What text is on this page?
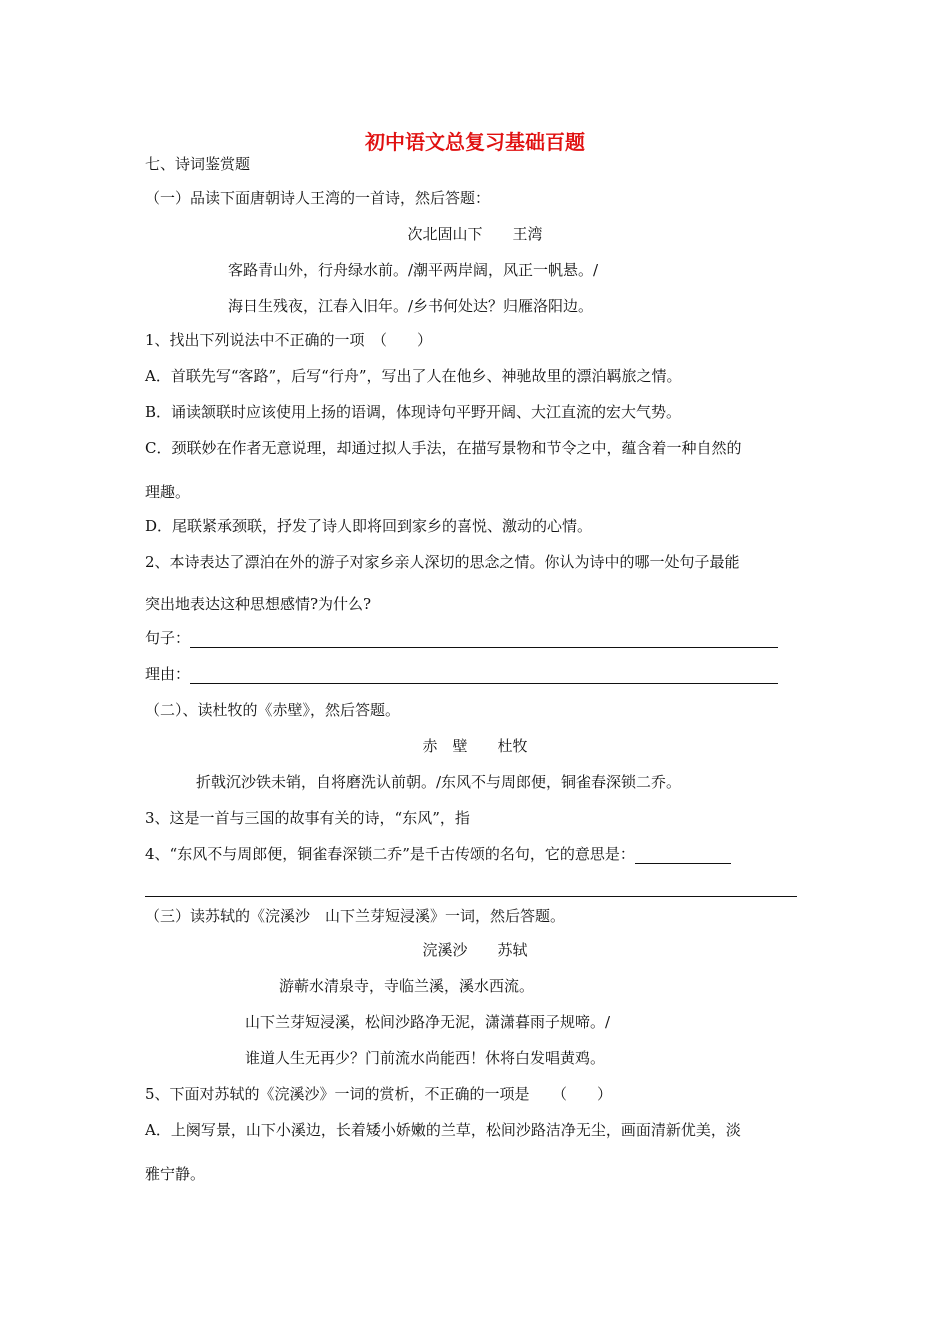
初中语文总复习基础百题
七、诗词鉴赏题
（一）品读下面唐朝诗人王湾的一首诗，然后答题：
次北固山下　　王湾
客路青山外，行舟绿水前。/潮平两岸阔，风正一帆悬。/
海日生残夜，江春入旧年。/乡书何处达？归雁洛阳边。
1、找出下列说法中不正确的一项　（　　）
A．首联先写“客路”，后写“行舟”，写出了人在他乡、神驰故里的漂泊羁旅之情。
B．诵读颔联时应该使用上扬的语调，体现诗句平野开阔、大江直流的宏大气势。
C．颈联妙在作者无意说理，却通过拟人手法，在描写景物和节令之中，蕴含着一种自然的
理趣。
D．尾联紧承颈联，抒发了诗人即将回到家乡的喜悦、激动的心情。
2、本诗表达了漂泊在外的游子对家乡亲人深切的思念之情。你认为诗中的哪一处句子最能
突出地表达这种思想感情?为什么?
句子：
理由：
（二）、读杜牧的《赤壁》，然后答题。
赤　壁　　杜牧
折戟沉沙铁未销，自将磨洗认前朝。/东风不与周郎便，铜雀春深锁二乔。
3、这是一首与三国的故事有关的诗，“东风”，指
4、“东风不与周郎便，铜雀春深锁二乔”是千古传颂的名句，它的意思是：
（三）读苏轼的《浣溪沙　山下兰芽短浸溪》一词，然后答题。
浣溪沙　　苏轼
游蕲水清泉寺，寺临兰溪，溪水西流。
山下兰芽短浸溪，松间沙路净无泥，潇潇暮雨子规啼。/
谁道人生无再少？门前流水尚能西！休将白发唱黄鸡。
5、下面对苏轼的《浣溪沙》一词的赏析，不正确的一项是　　（　　）
A．上阕写景，山下小溪边，长着矮小娇嫩的兰草，松间沙路洁净无尘，画面清新优美，淡
雅宁静。
